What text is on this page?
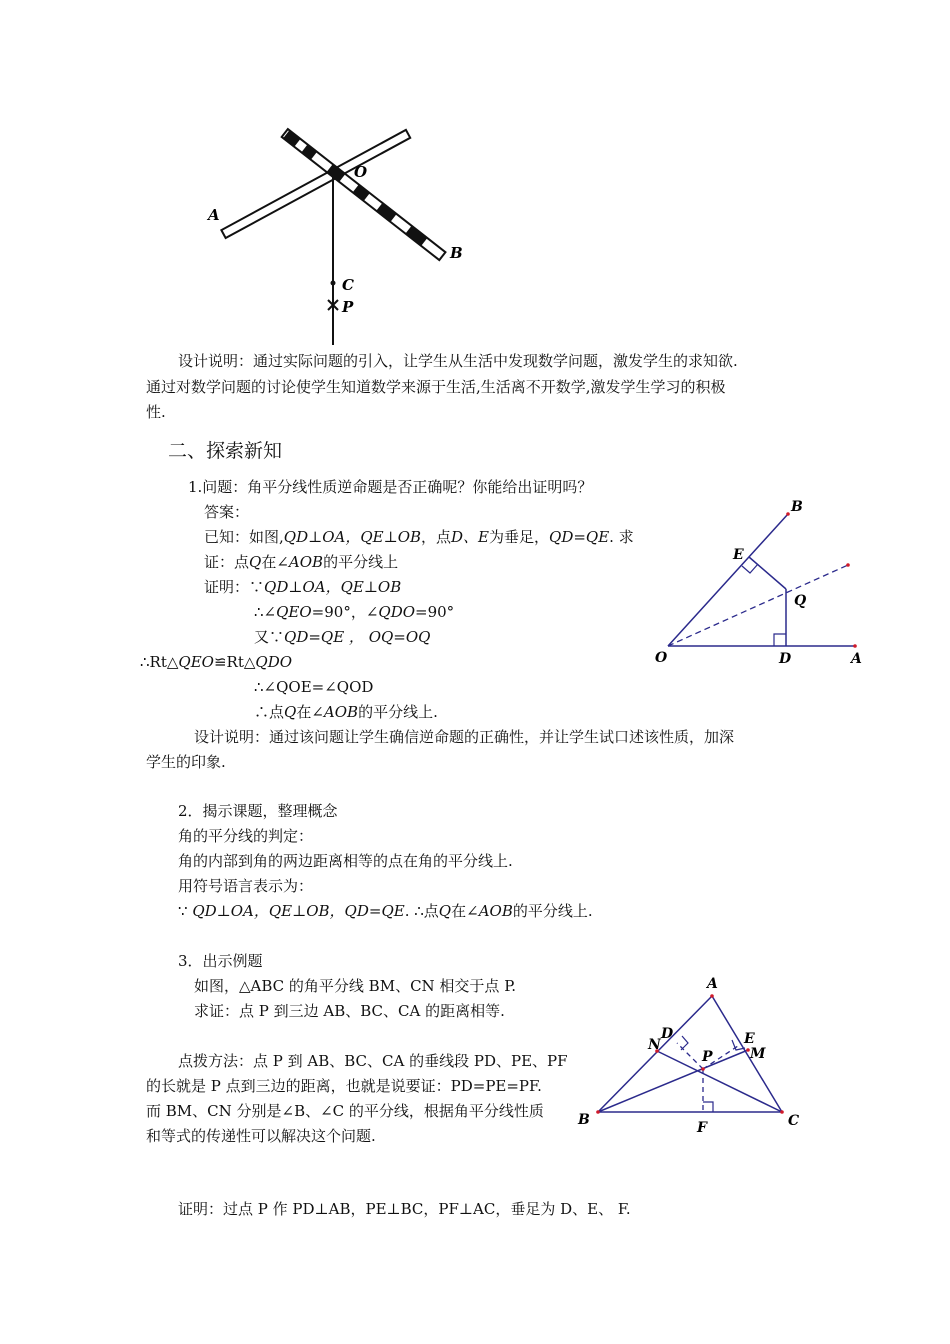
A
O
B
C
P
设计说明：通过实际问题的引入，让学生从生活中发现数学问题，激发学生的求知欲.
通过对数学问题的讨论使学生知道数学来源于生活,生活离不开数学,激发学生学习的积极
性.
二、探索新知
1.问题：角平分线性质逆命题是否正确呢？你能给出证明吗？
答案：
已知：如图,QD⊥OA，QE⊥OB，点D、E为垂足，QD=QE. 求
证：点Q在∠AOB的平分线上
证明：∵QD⊥OA，QE⊥OB
∴∠QEO=90°，∠QDO=90°
又∵QD=QE ， OQ=OQ
∴Rt△QEO≌Rt△QDO
∴∠QOE=∠QOD
∴点Q在∠AOB的平分线上.
B
E
Q
O	D	A
设计说明：通过该问题让学生确信逆命题的正确性，并让学生试口述该性质，加深
学生的印象.
2．揭示课题，整理概念
角的平分线的判定：
角的内部到角的两边距离相等的点在角的平分线上.
用符号语言表示为：
∵ QD⊥OA，QE⊥OB，QD=QE. ∴点Q在∠AOB的平分线上.
3．出示例题
如图，△ABC 的角平分线 BM、CN 相交于点 P.
求证：点 P 到三边 AB、BC、CA 的距离相等.
点拨方法：点 P 到 AB、BC、CA 的垂线段 PD、PE、PF
的长就是 P 点到三边的距离，也就是说要证：PD=PE=PF.
而 BM、CN 分别是∠B、∠C 的平分线，根据角平分线性质
和等式的传递性可以解决这个问题.
证明：过点 P 作 PD⊥AB，PE⊥BC，PF⊥AC，垂足为 D、E、 F.
A
D	E
N
M
P
B	C
F
